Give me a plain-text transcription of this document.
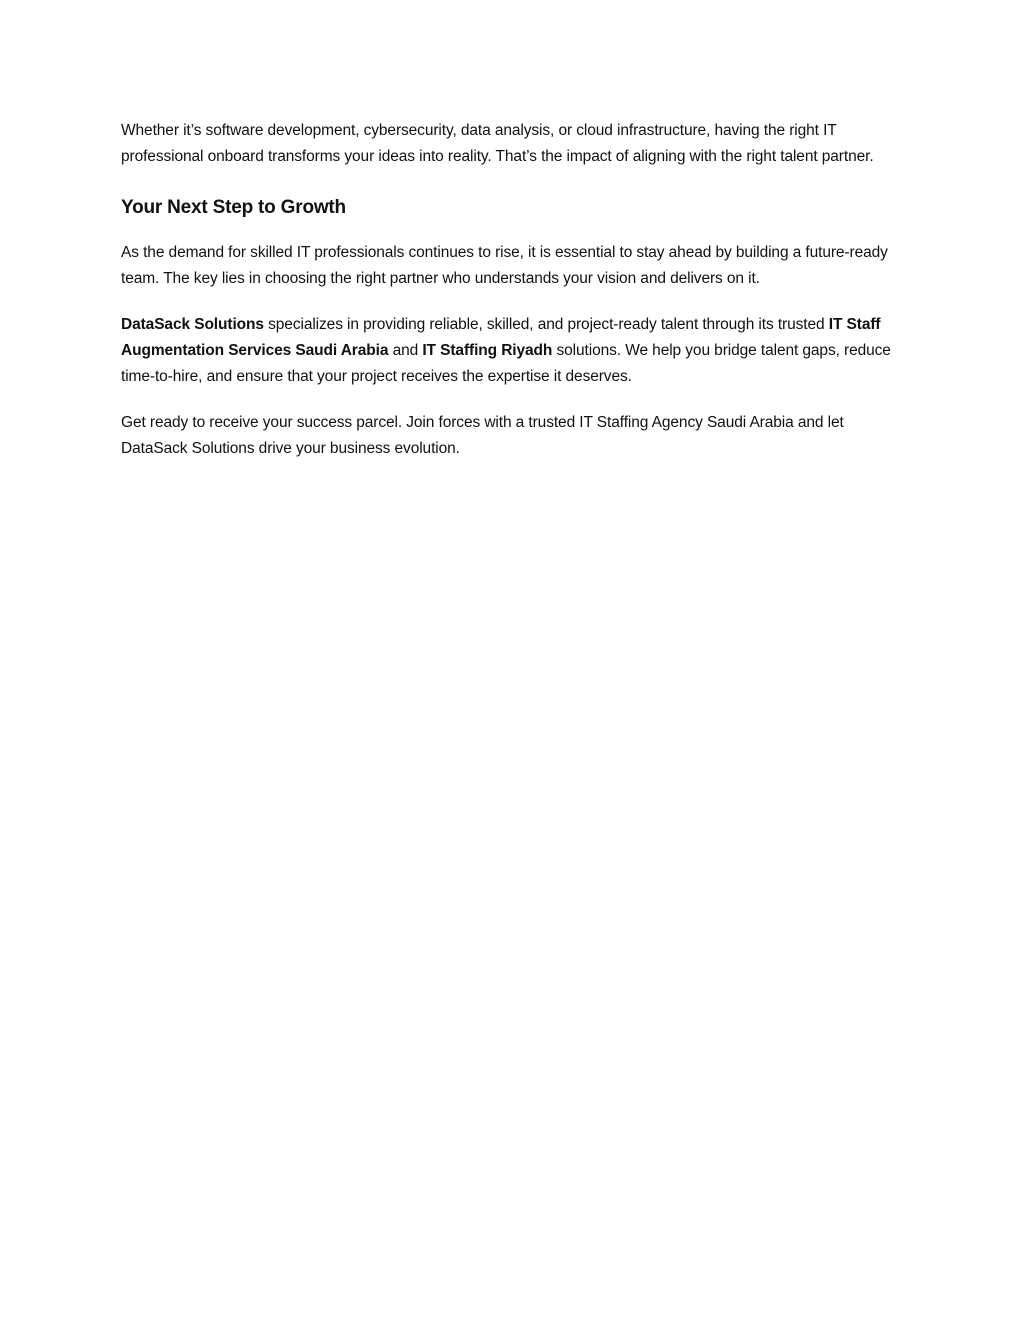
Whether it’s software development, cybersecurity, data analysis, or cloud infrastructure, having the right IT professional onboard transforms your ideas into reality. That’s the impact of aligning with the right talent partner.

Your Next Step to Growth

As the demand for skilled IT professionals continues to rise, it is essential to stay ahead by building a future-ready team. The key lies in choosing the right partner who understands your vision and delivers on it.

DataSack Solutions specializes in providing reliable, skilled, and project-ready talent through its trusted IT Staff Augmentation Services Saudi Arabia and IT Staffing Riyadh solutions. We help you bridge talent gaps, reduce time-to-hire, and ensure that your project receives the expertise it deserves.

Get ready to receive your success parcel. Join forces with a trusted IT Staffing Agency Saudi Arabia and let DataSack Solutions drive your business evolution.
